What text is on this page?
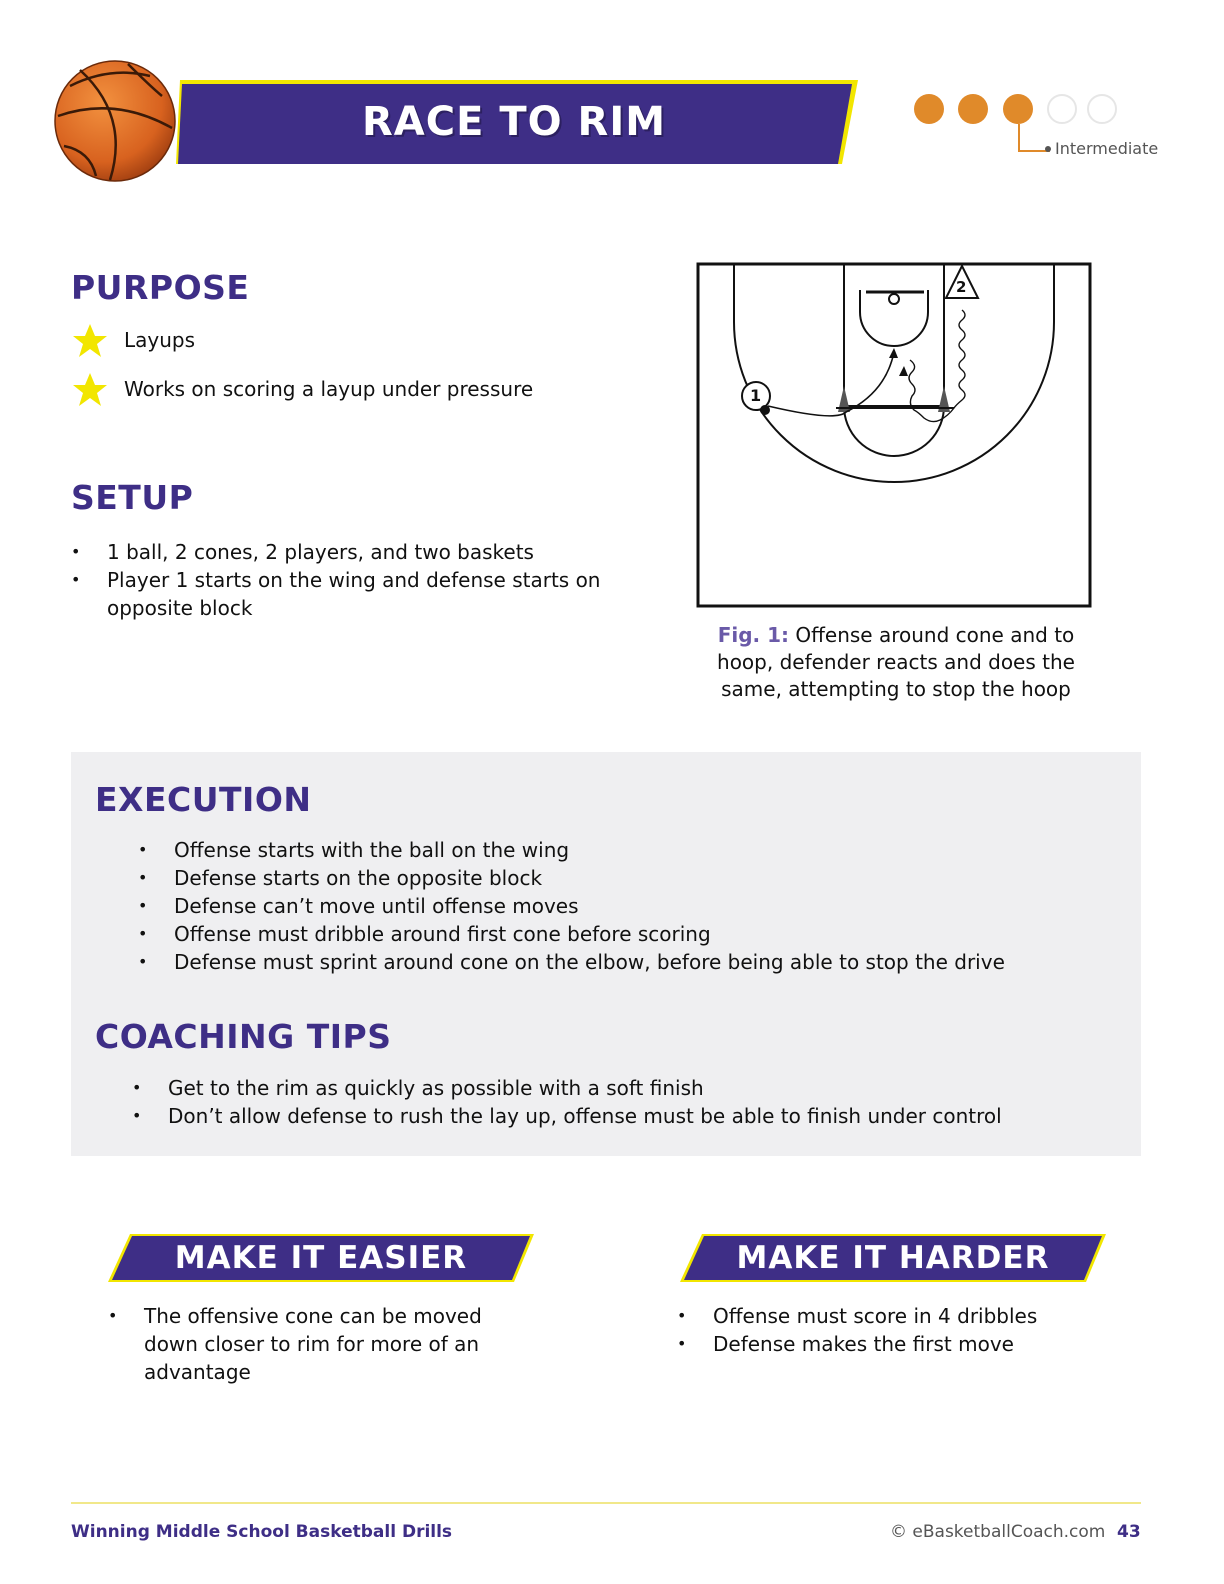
RACE TO RIM
Intermediate
PURPOSE
Layups
Works on scoring a layup under pressure
SETUP
• 1 ball, 2 cones, 2 players, and two baskets
• Player 1 starts on the wing and defense starts on opposite block
1
2
Fig. 1: Offense around cone and to hoop, defender reacts and does the same, attempting to stop the hoop
EXECUTION
• Offense starts with the ball on the wing
• Defense starts on the opposite block
• Defense can’t move until offense moves
• Offense must dribble around first cone before scoring
• Defense must sprint around cone on the elbow, before being able to stop the drive
COACHING TIPS
• Get to the rim as quickly as possible with a soft finish
• Don’t allow defense to rush the lay up, offense must be able to finish under control
MAKE IT EASIER
• The offensive cone can be moved down closer to rim for more of an advantage
MAKE IT HARDER
• Offense must score in 4 dribbles
• Defense makes the first move
Winning Middle School Basketball Drills	© eBasketballCoach.com 43
